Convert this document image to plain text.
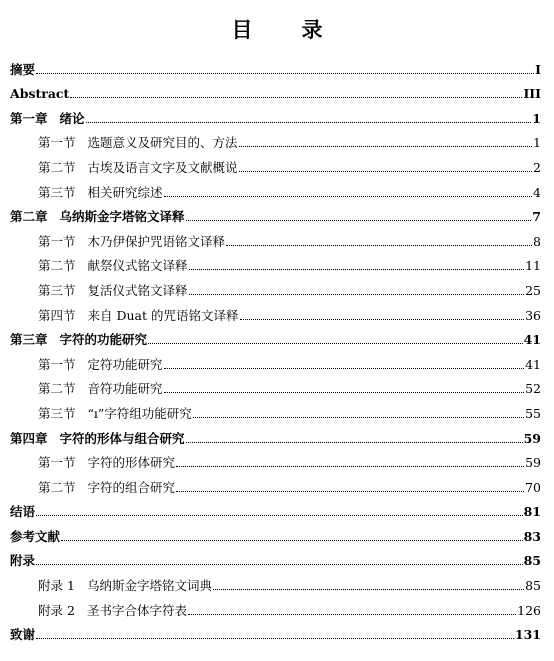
目　录
摘要	I
Abstract	III
第一章 绪论	1
第一节 选题意义及研究目的、方法	1
第二节 古埃及语言文字及文献概说	2
第三节 相关研究综述	4
第二章 乌纳斯金字塔铭文译释	7
第一节 木乃伊保护咒语铭文译释	8
第二节 献祭仪式铭文译释	11
第三节 复活仪式铭文译释	25
第四节 来自 Duat 的咒语铭文译释	36
第三章 字符的功能研究	41
第一节 定符功能研究	41
第二节 音符功能研究	52
第三节 “ı”字符组功能研究	55
第四章 字符的形体与组合研究	59
第一节 字符的形体研究	59
第二节 字符的组合研究	70
结语	81
参考文献	83
附录	85
附录 1 乌纳斯金字塔铭文词典	85
附录 2 圣书字合体字符表	126
致谢	131
